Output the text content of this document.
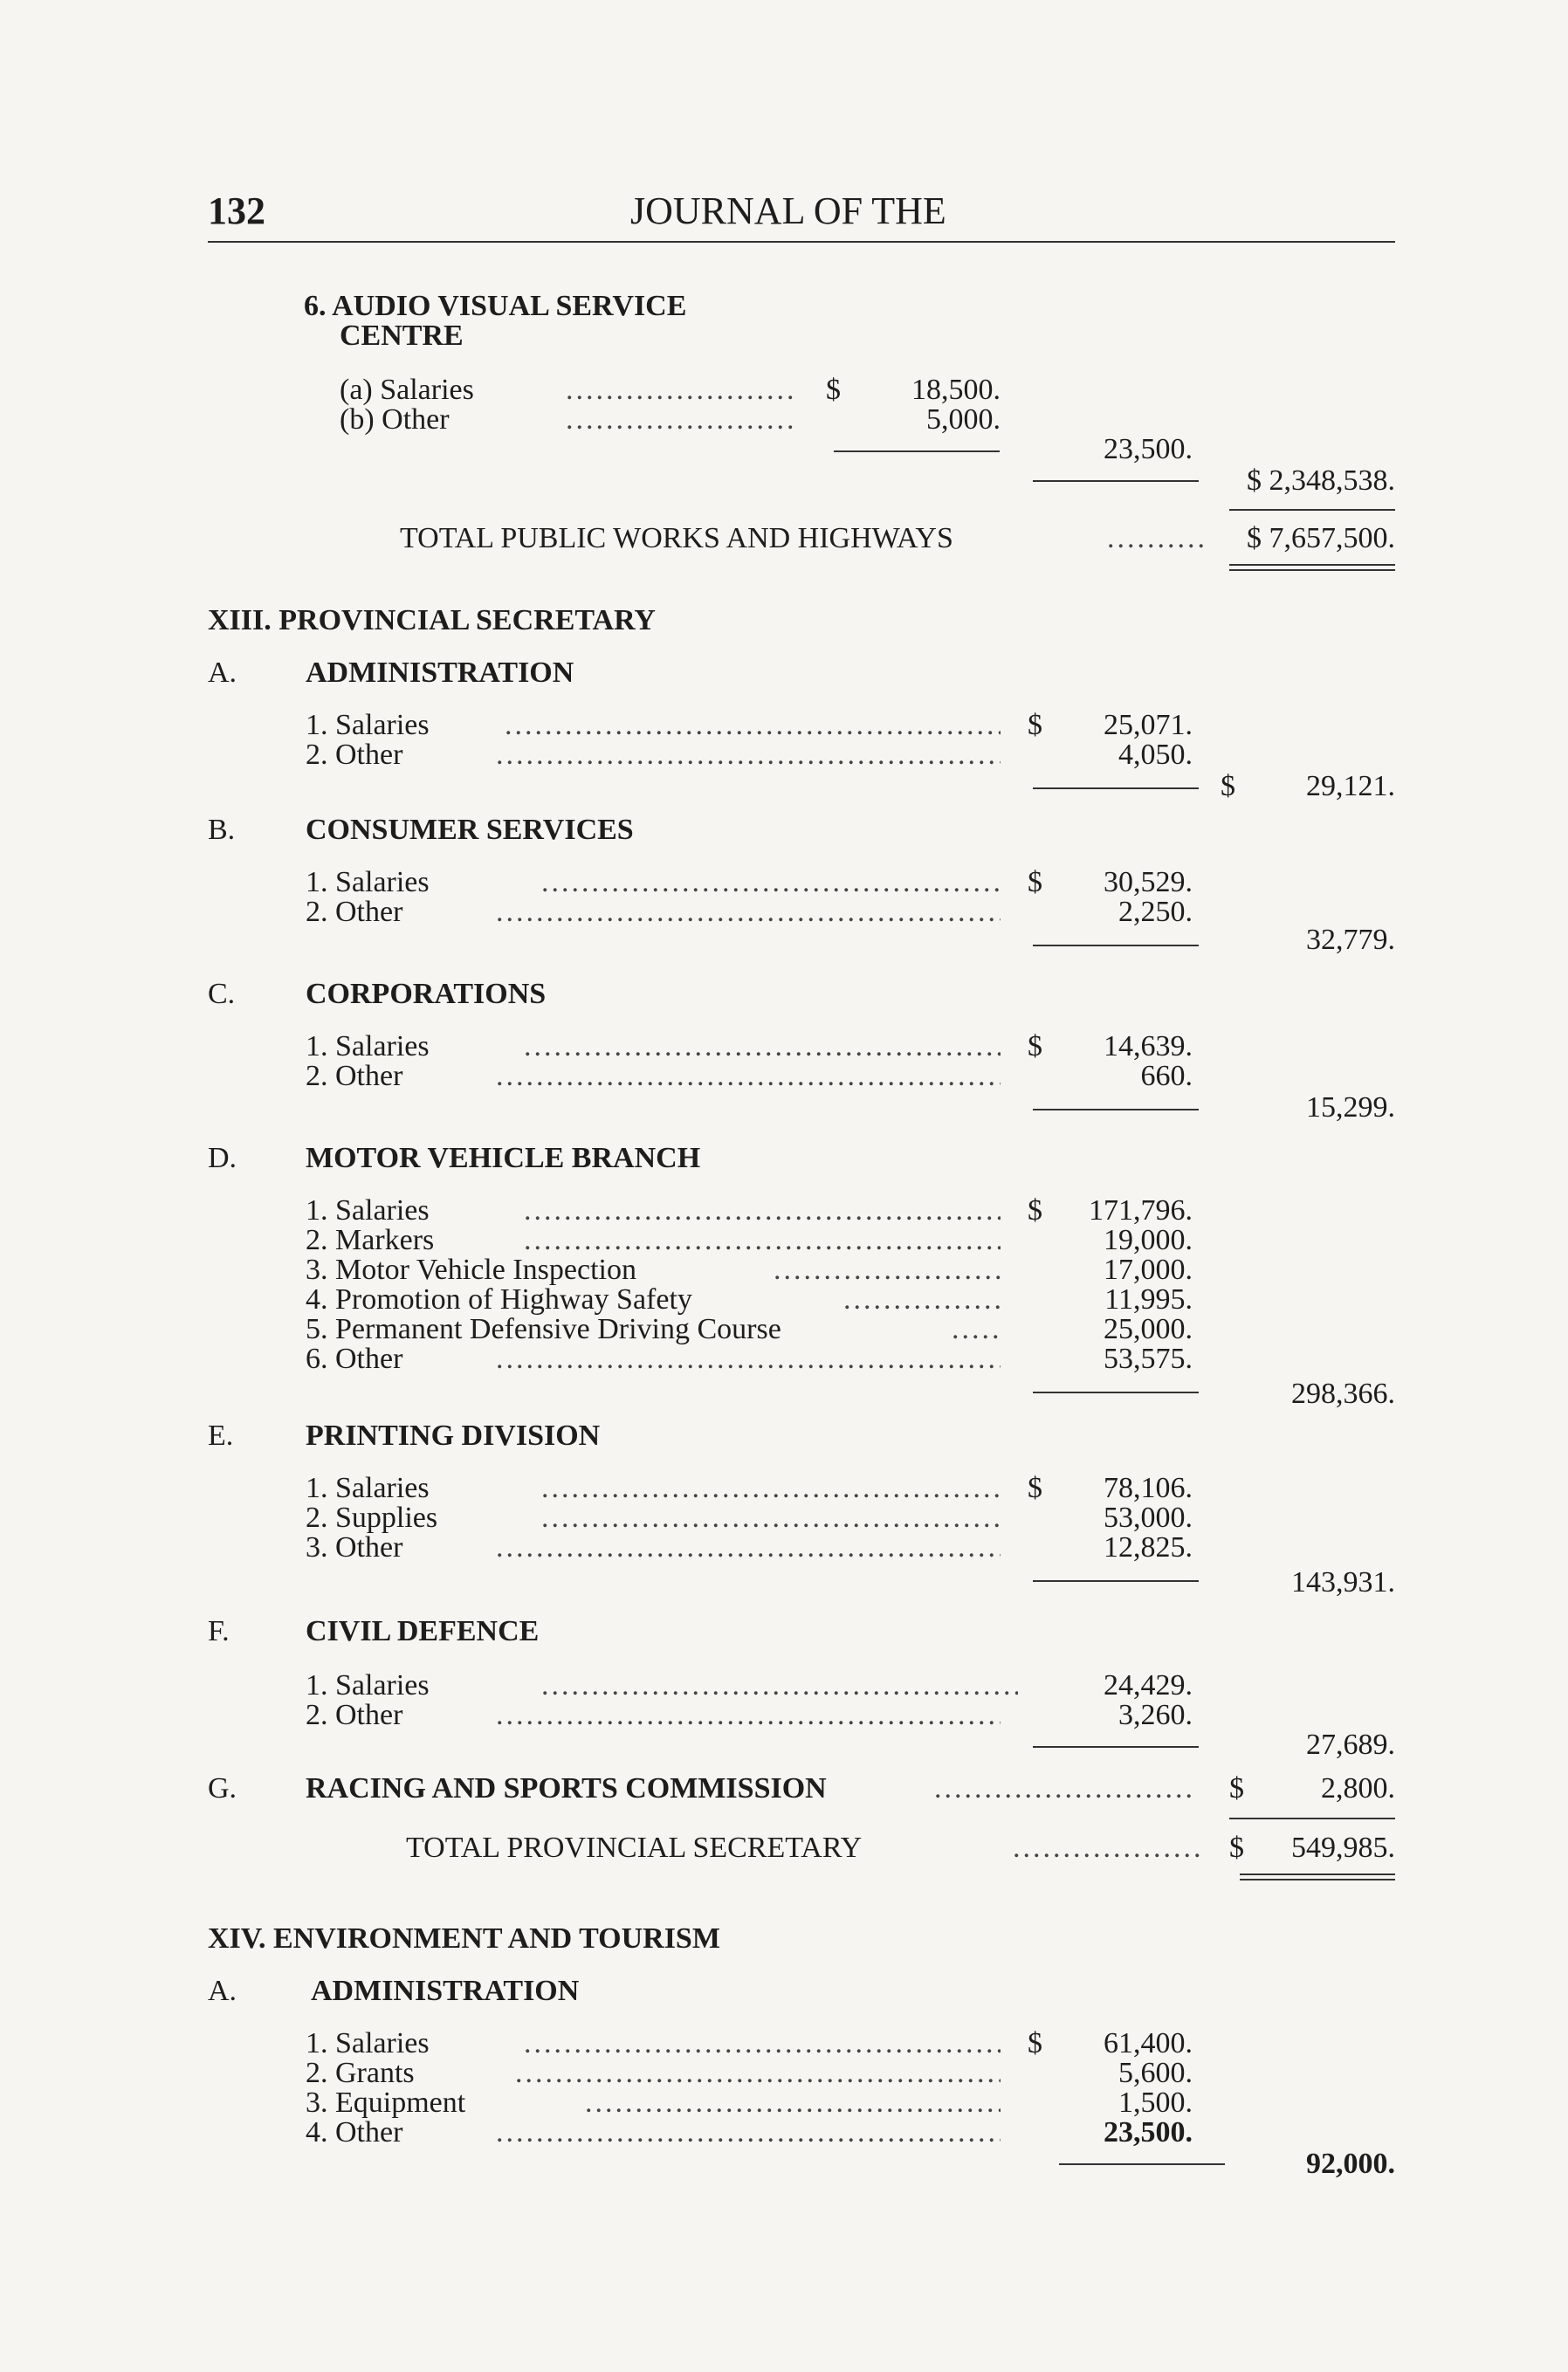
132	JOURNAL OF THE
6. AUDIO VISUAL SERVICE
CENTRE
(a) Salaries .....	$	18,500.
(b) Other .....	5,000.
23,500.
$ 2,348,538.
TOTAL PUBLIC WORKS AND HIGHWAYS .....	$ 7,657,500.
XIII. PROVINCIAL SECRETARY
A. ADMINISTRATION
1. Salaries .....	$	25,071.
2. Other .....	4,050.
$	29,121.
B. CONSUMER SERVICES
1. Salaries .....	$	30,529.
2. Other .....	2,250.
32,779.
C. CORPORATIONS
1. Salaries .....	$	14,639.
2. Other .....	660.
15,299.
D. MOTOR VEHICLE BRANCH
1. Salaries .....	$	171,796.
2. Markers .....	19,000.
3. Motor Vehicle Inspection .....	17,000.
4. Promotion of Highway Safety .....	11,995.
5. Permanent Defensive Driving Course .....	25,000.
6. Other .....	53,575.
298,366.
E. PRINTING DIVISION
1. Salaries .....	$	78,106.
2. Supplies .....	53,000.
3. Other .....	12,825.
143,931.
F.	CIVIL DEFENCE
1. Salaries .....	24,429.
2. Other .....	3,260.
27,689.
G. RACING AND SPORTS COMMISSION .....	$	2,800.
TOTAL PROVINCIAL SECRETARY .....	$	549,985.
XIV. ENVIRONMENT AND TOURISM
A. ADMINISTRATION
1. Salaries .....	$	61,400.
2. Grants .....	5,600.
3. Equipment .....	1,500.
4. Other .....	23,500.
92,000.
